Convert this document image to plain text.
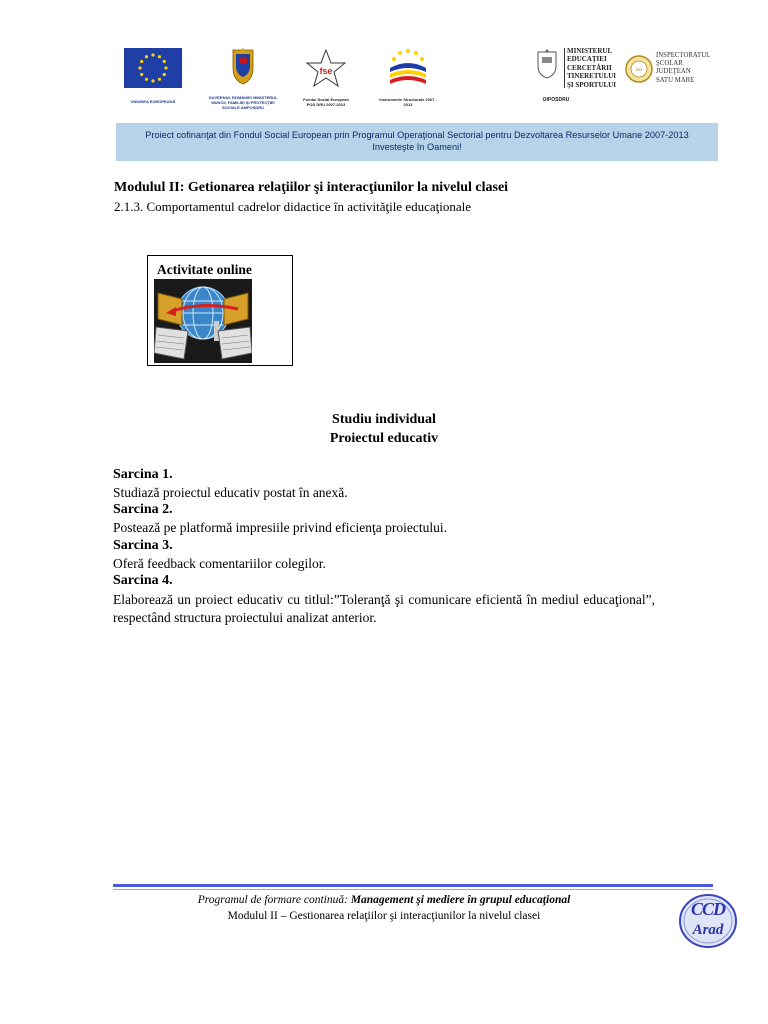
UNIUNEA EUROPEANĂ
GUVERNUL ROMÂNIEI MINISTERUL MUNCII, FAMILIEI ŞI PROTECŢIEI SOCIALE AMPOSDRU
fse
Fondul Social European POS DRU 2007-2013
Instrumente Structurale 2007 - 2013
MINISTERUL
EDUCAŢIEI
CERCETĂRII
TINERETULUI
ŞI SPORTULUI
OIPOSDRU
ISJ
INSPECTORATUL
ŞCOLAR
JUDEŢEAN
SATU MARE
Proiect cofinanţat din Fondul Social European prin Programul Operaţional Sectorial pentru Dezvoltarea Resurselor Umane 2007-2013
Investeşte în Oameni!
Modulul II: Getionarea relaţiilor şi interacţiunilor la nivelul clasei
2.1.3. Comportamentul cadrelor didactice în activităţile educaţionale
Activitate online
Studiu individual
Proiectul educativ
Sarcina 1.
Studiază proiectul educativ postat în anexă.
Sarcina 2.
Postează pe platformă impresiile privind eficienţa proiectului.
Sarcina 3.
Oferă feedback comentariilor colegilor.
Sarcina 4.
Elaborează un proiect educativ cu titlul:”Toleranţă şi comunicare eficientă în mediul educaţional”, respectând structura proiectului analizat anterior.
Programul de formare continuă: Management şi mediere în grupul educaţional
Modulul II – Gestionarea relaţiilor şi interacţiunilor la nivelul clasei	CCD
Arad
